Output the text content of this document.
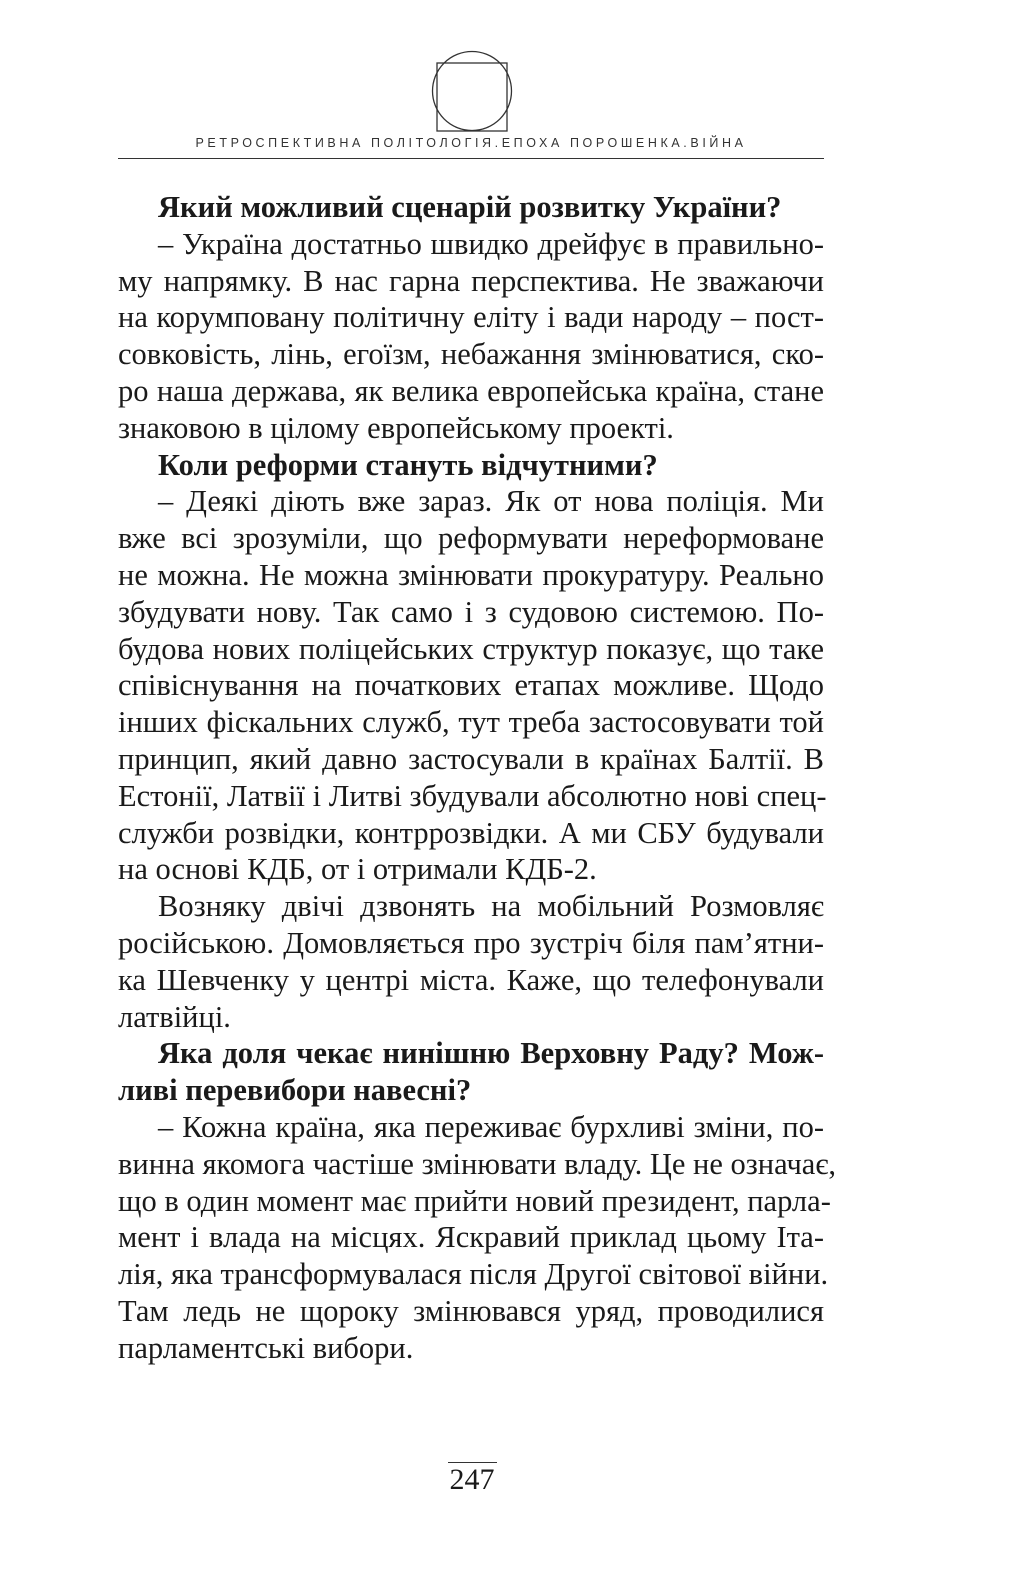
РЕТРОСПЕКТИВНА ПОЛІТОЛОГІЯ.ЕПОХА ПОРОШЕНКА.ВІЙНА
Який можливий сценарій розвитку України?
– Україна достатньо швидко дрейфує в правильно-
му напрямку. В нас гарна перспектива. Не зважаючи
на корумповану політичну еліту і вади народу – пост-
совковість, лінь, егоїзм, небажання змінюватися, ско-
ро наша держава, як велика европейська країна, стане
знаковою в цілому европейському проекті.
Коли реформи стануть відчутними?
– Деякі діють вже зараз. Як от нова поліція. Ми
вже всі зрозуміли, що реформувати нереформоване
не можна. Не можна змінювати прокуратуру. Реально
збудувати нову. Так само і з судовою системою. По-
будова нових поліцейських структур показує, що таке
співіснування на початкових етапах можливе. Щодо
інших фіскальних служб, тут треба застосовувати той
принцип, який давно застосували в країнах Балтії. В
Естонії, Латвії і Литві збудували абсолютно нові спец-
служби розвідки, контррозвідки. А ми СБУ будували
на основі КДБ, от і отримали КДБ-2.
Возняку двічі дзвонять на мобільний Розмовляє
російською. Домовляється про зустріч біля пам’ятни-
ка Шевченку у центрі міста. Каже, що телефонували
латвійці.
Яка доля чекає нинішню Верховну Раду? Мож-
ливі перевибори навесні?
– Кожна країна, яка переживає бурхливі зміни, по-
винна якомога частіше змінювати владу. Це не означає,
що в один момент має прийти новий президент, парла-
мент і влада на місцях. Яскравий приклад цьому Іта-
лія, яка трансформувалася після Другої світової війни.
Там ледь не щороку змінювався уряд, проводилися
парламентські вибори.
247
